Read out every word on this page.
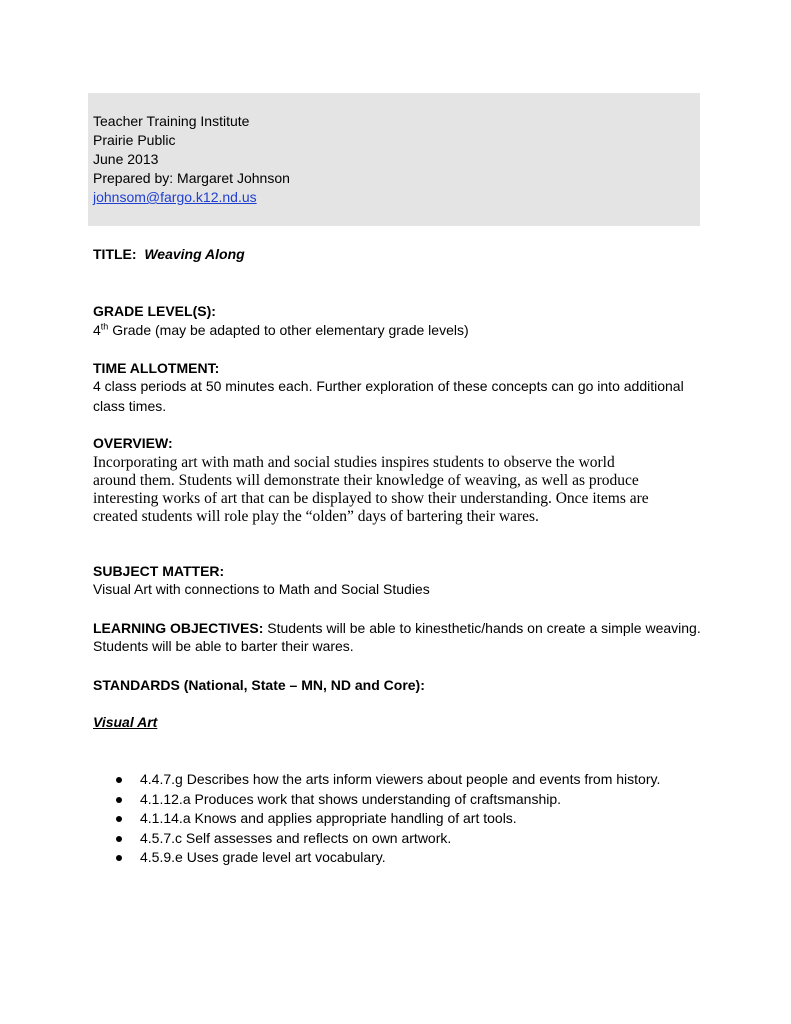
Teacher Training Institute
Prairie Public
June 2013
Prepared by: Margaret Johnson
johnsom@fargo.k12.nd.us
TITLE: Weaving Along
GRADE LEVEL(S):
4th Grade (may be adapted to other elementary grade levels)
TIME ALLOTMENT:
4 class periods at 50 minutes each. Further exploration of these concepts can go into additional
class times.
OVERVIEW:
Incorporating art with math and social studies inspires students to observe the world
around them. Students will demonstrate their knowledge of weaving, as well as produce
interesting works of art that can be displayed to show their understanding. Once items are
created students will role play the “olden” days of bartering their wares.
SUBJECT MATTER:
Visual Art with connections to Math and Social Studies
LEARNING OBJECTIVES: Students will be able to kinesthetic/hands on create a simple weaving.
Students will be able to barter their wares.
STANDARDS (National, State – MN, ND and Core):
Visual Art
4.4.7.g Describes how the arts inform viewers about people and events from history.
4.1.12.a Produces work that shows understanding of craftsmanship.
4.1.14.a Knows and applies appropriate handling of art tools.
4.5.7.c Self assesses and reflects on own artwork.
4.5.9.e Uses grade level art vocabulary.
